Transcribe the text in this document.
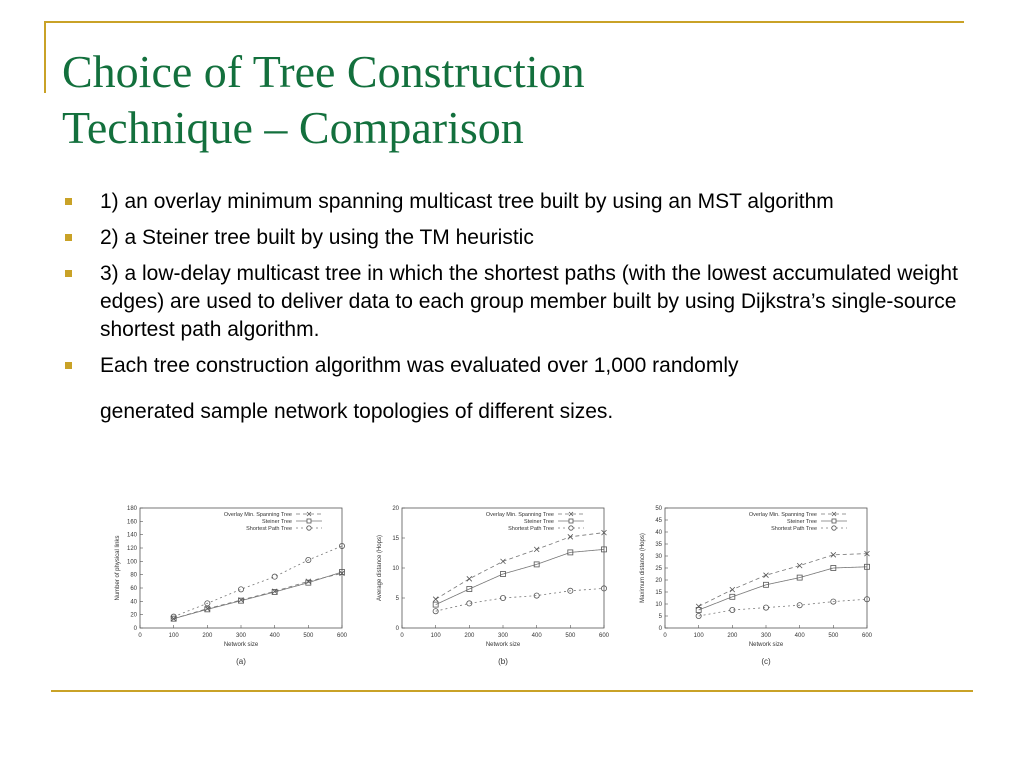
Choice of Tree Construction
Technique – Comparison
1) an overlay minimum spanning multicast tree built by using an MST algorithm
2) a Steiner tree built by using the TM heuristic
3) a low-delay multicast tree in which the shortest paths (with the lowest accumulated weight edges) are used to deliver data to each group member built by using Dijkstra’s single-source shortest path algorithm.
Each tree construction algorithm was evaluated over 1,000 randomly
generated sample network topologies of different sizes.
0	100	200	300	400	500	600
0
20
40
60
80
100
120
140
160
180
Network size
Number of physical links
(a)
Overlay Min. Spanning Tree
Steiner Tree
Shortest Path Tree
0	100	200	300	400	500	600
0
5
10
15
20
Network size
Average distance (Hops)
(b)
Overlay Min. Spanning Tree
Steiner Tree
Shortest Path Tree
0	100	200	300	400	500	600
0
5
10
15
20
25
30
35
40
45
50
Network size
Maximum distance (Hops)
(c)
Overlay Min. Spanning Tree
Steiner Tree
Shortest Path Tree
